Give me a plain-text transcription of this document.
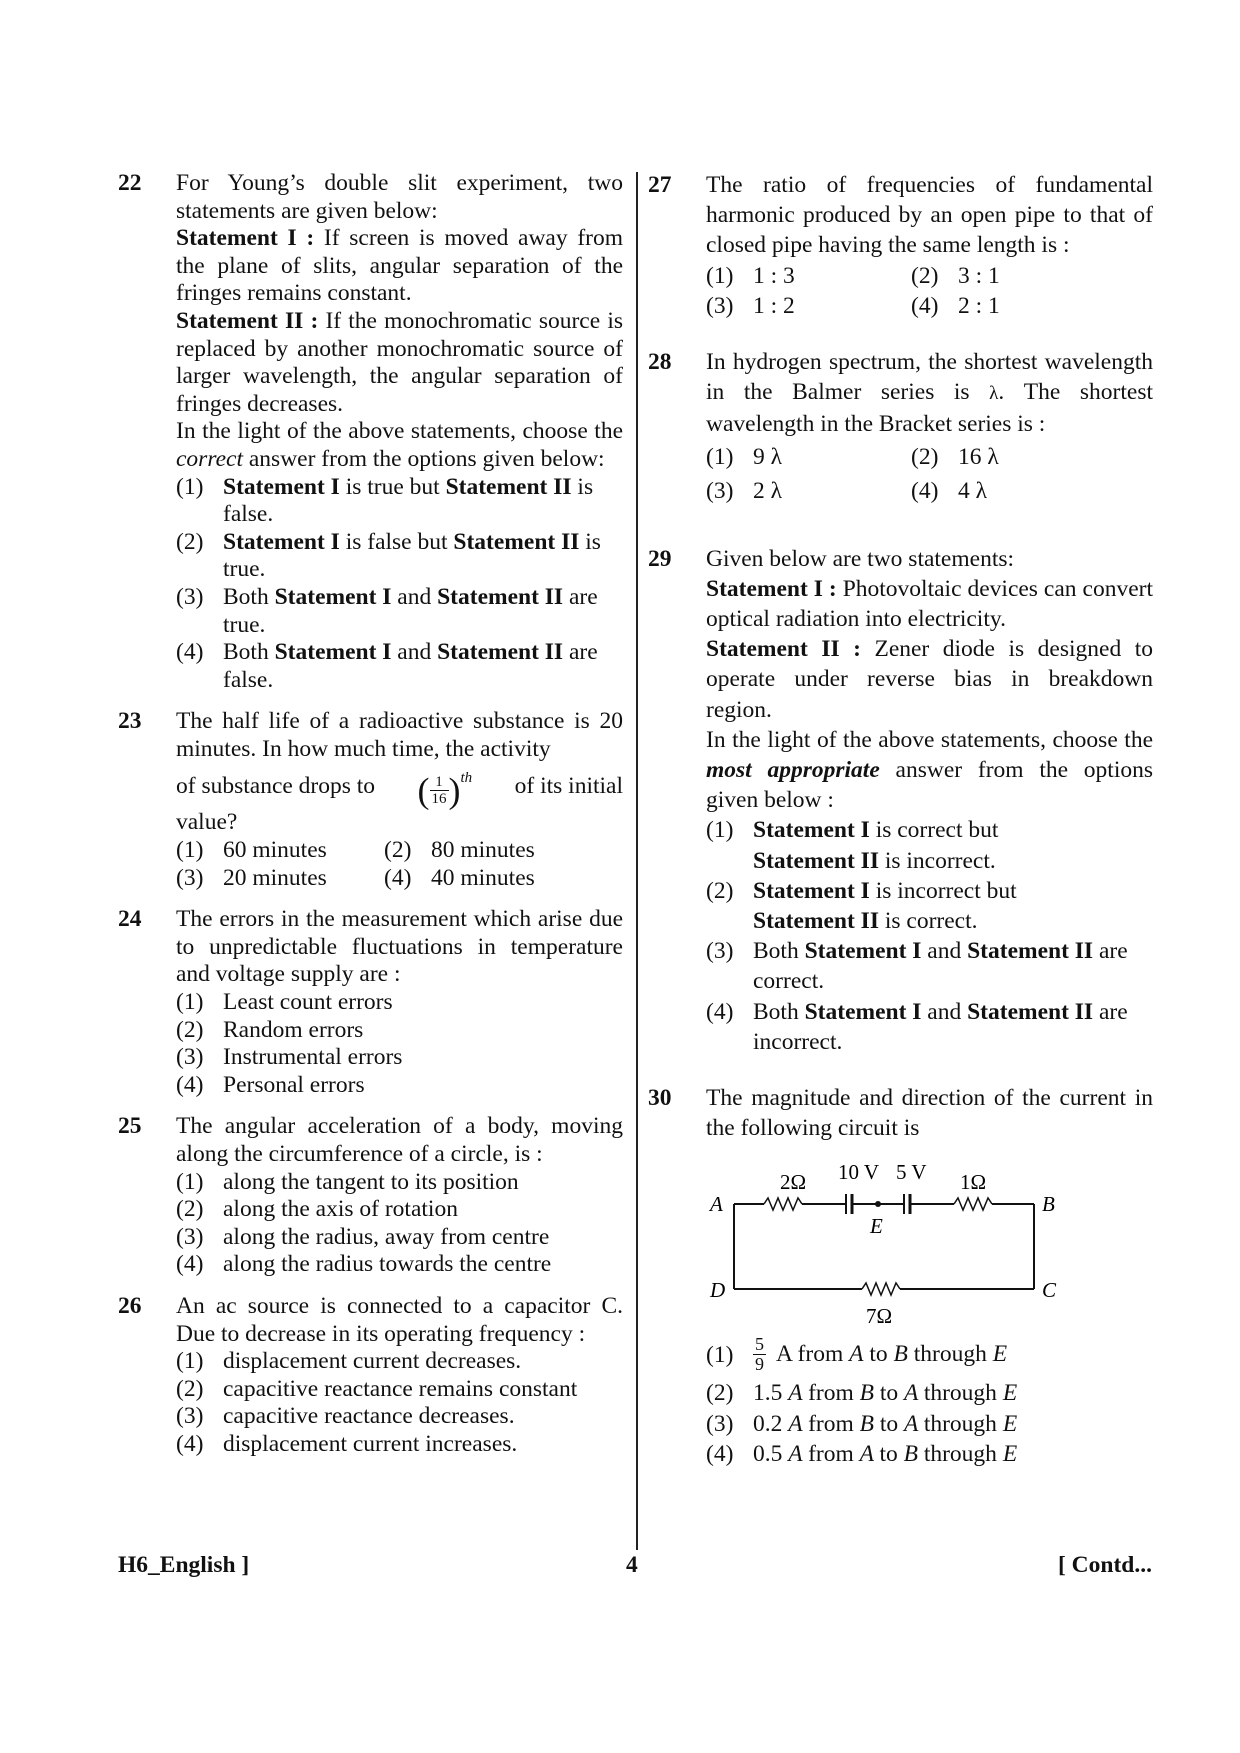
22	For Young’s double slit experiment, two statements are given below:
Statement I : If screen is moved away from the plane of slits, angular separation of the fringes remains constant.
Statement II : If the monochromatic source is replaced by another monochromatic source of larger wavelength, the angular separation of fringes decreases.
In the light of the above statements, choose the correct answer from the options given below:
(1) Statement I is true but Statement II is false.
(2) Statement I is false but Statement II is true.
(3) Both Statement I and Statement II are true.
(4) Both Statement I and Statement II are false.
23	The half life of a radioactive substance is 20 minutes. In how much time, the activity
of substance drops to ( $\frac{1}{16} )^{th}$ of its initial
value?
(1) 60 minutes	(2) 80 minutes
(3) 20 minutes	(4) 40 minutes
24	The errors in the measurement which arise due to unpredictable fluctuations in temperature and voltage supply are :
(1) Least count errors
(2) Random errors
(3) Instrumental errors
(4) Personal errors
25	The angular acceleration of a body, moving along the circumference of a circle, is :
(1) along the tangent to its position
(2) along the axis of rotation
(3) along the radius, away from centre
(4) along the radius towards the centre
26	An ac source is connected to a capacitor C. Due to decrease in its operating frequency :
(1) displacement current decreases.
(2) capacitive reactance remains constant
(3) capacitive reactance decreases.
(4) displacement current increases.
27	The ratio of frequencies of fundamental harmonic produced by an open pipe to that of closed pipe having the same length is :
(1) 1 : 3	(2) 3 : 1
(3) 1 : 2	(4) 2 : 1
28	In hydrogen spectrum, the shortest wavelength in the Balmer series is λ. The shortest wavelength in the Bracket series is :
(1) 9 λ	(2) 16 λ
(3) 2 λ	(4) 4 λ
29	Given below are two statements:
Statement I : Photovoltaic devices can convert optical radiation into electricity.
Statement II : Zener diode is designed to operate under reverse bias in breakdown region.
In the light of the above statements, choose the most appropriate answer from the options given below :
(1) Statement I is correct but
Statement II is incorrect.
(2) Statement I is incorrect but
Statement II is correct.
(3) Both Statement I and Statement II are correct.
(4) Both Statement I and Statement II are incorrect.
30	The magnitude and direction of the current in the following circuit is
A	B
C
D
E
2Ω	1Ω
7Ω
10 V 5 V
$(1) \frac{5}{9}$ A from A to B through E
(2) 1.5 A from B to A through E
(3) 0.2 A from B to A through E
(4) 0.5 A from A to B through E
H6_English ]	4	[ Contd...
